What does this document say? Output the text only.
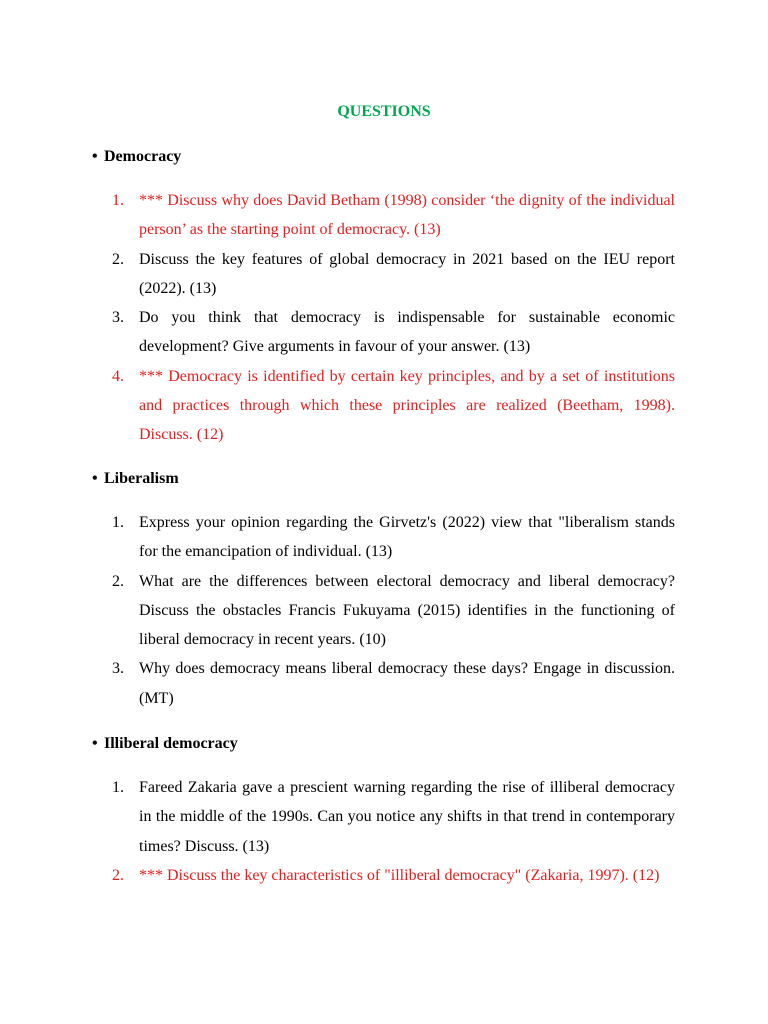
QUESTIONS
• Democracy
1. *** Discuss why does David Betham (1998) consider ‘the dignity of the individual person’ as the starting point of democracy. (13)
2. Discuss the key features of global democracy in 2021 based on the IEU report (2022). (13)
3. Do you think that democracy is indispensable for sustainable economic development? Give arguments in favour of your answer. (13)
4. *** Democracy is identified by certain key principles, and by a set of institutions and practices through which these principles are realized (Beetham, 1998). Discuss. (12)
• Liberalism
1. Express your opinion regarding the Girvetz's (2022) view that "liberalism stands for the emancipation of individual. (13)
2. What are the differences between electoral democracy and liberal democracy? Discuss the obstacles Francis Fukuyama (2015) identifies in the functioning of liberal democracy in recent years. (10)
3. Why does democracy means liberal democracy these days? Engage in discussion. (MT)
• Illiberal democracy
1. Fareed Zakaria gave a prescient warning regarding the rise of illiberal democracy in the middle of the 1990s. Can you notice any shifts in that trend in contemporary times? Discuss. (13)
2. *** Discuss the key characteristics of "illiberal democracy" (Zakaria, 1997). (12)
